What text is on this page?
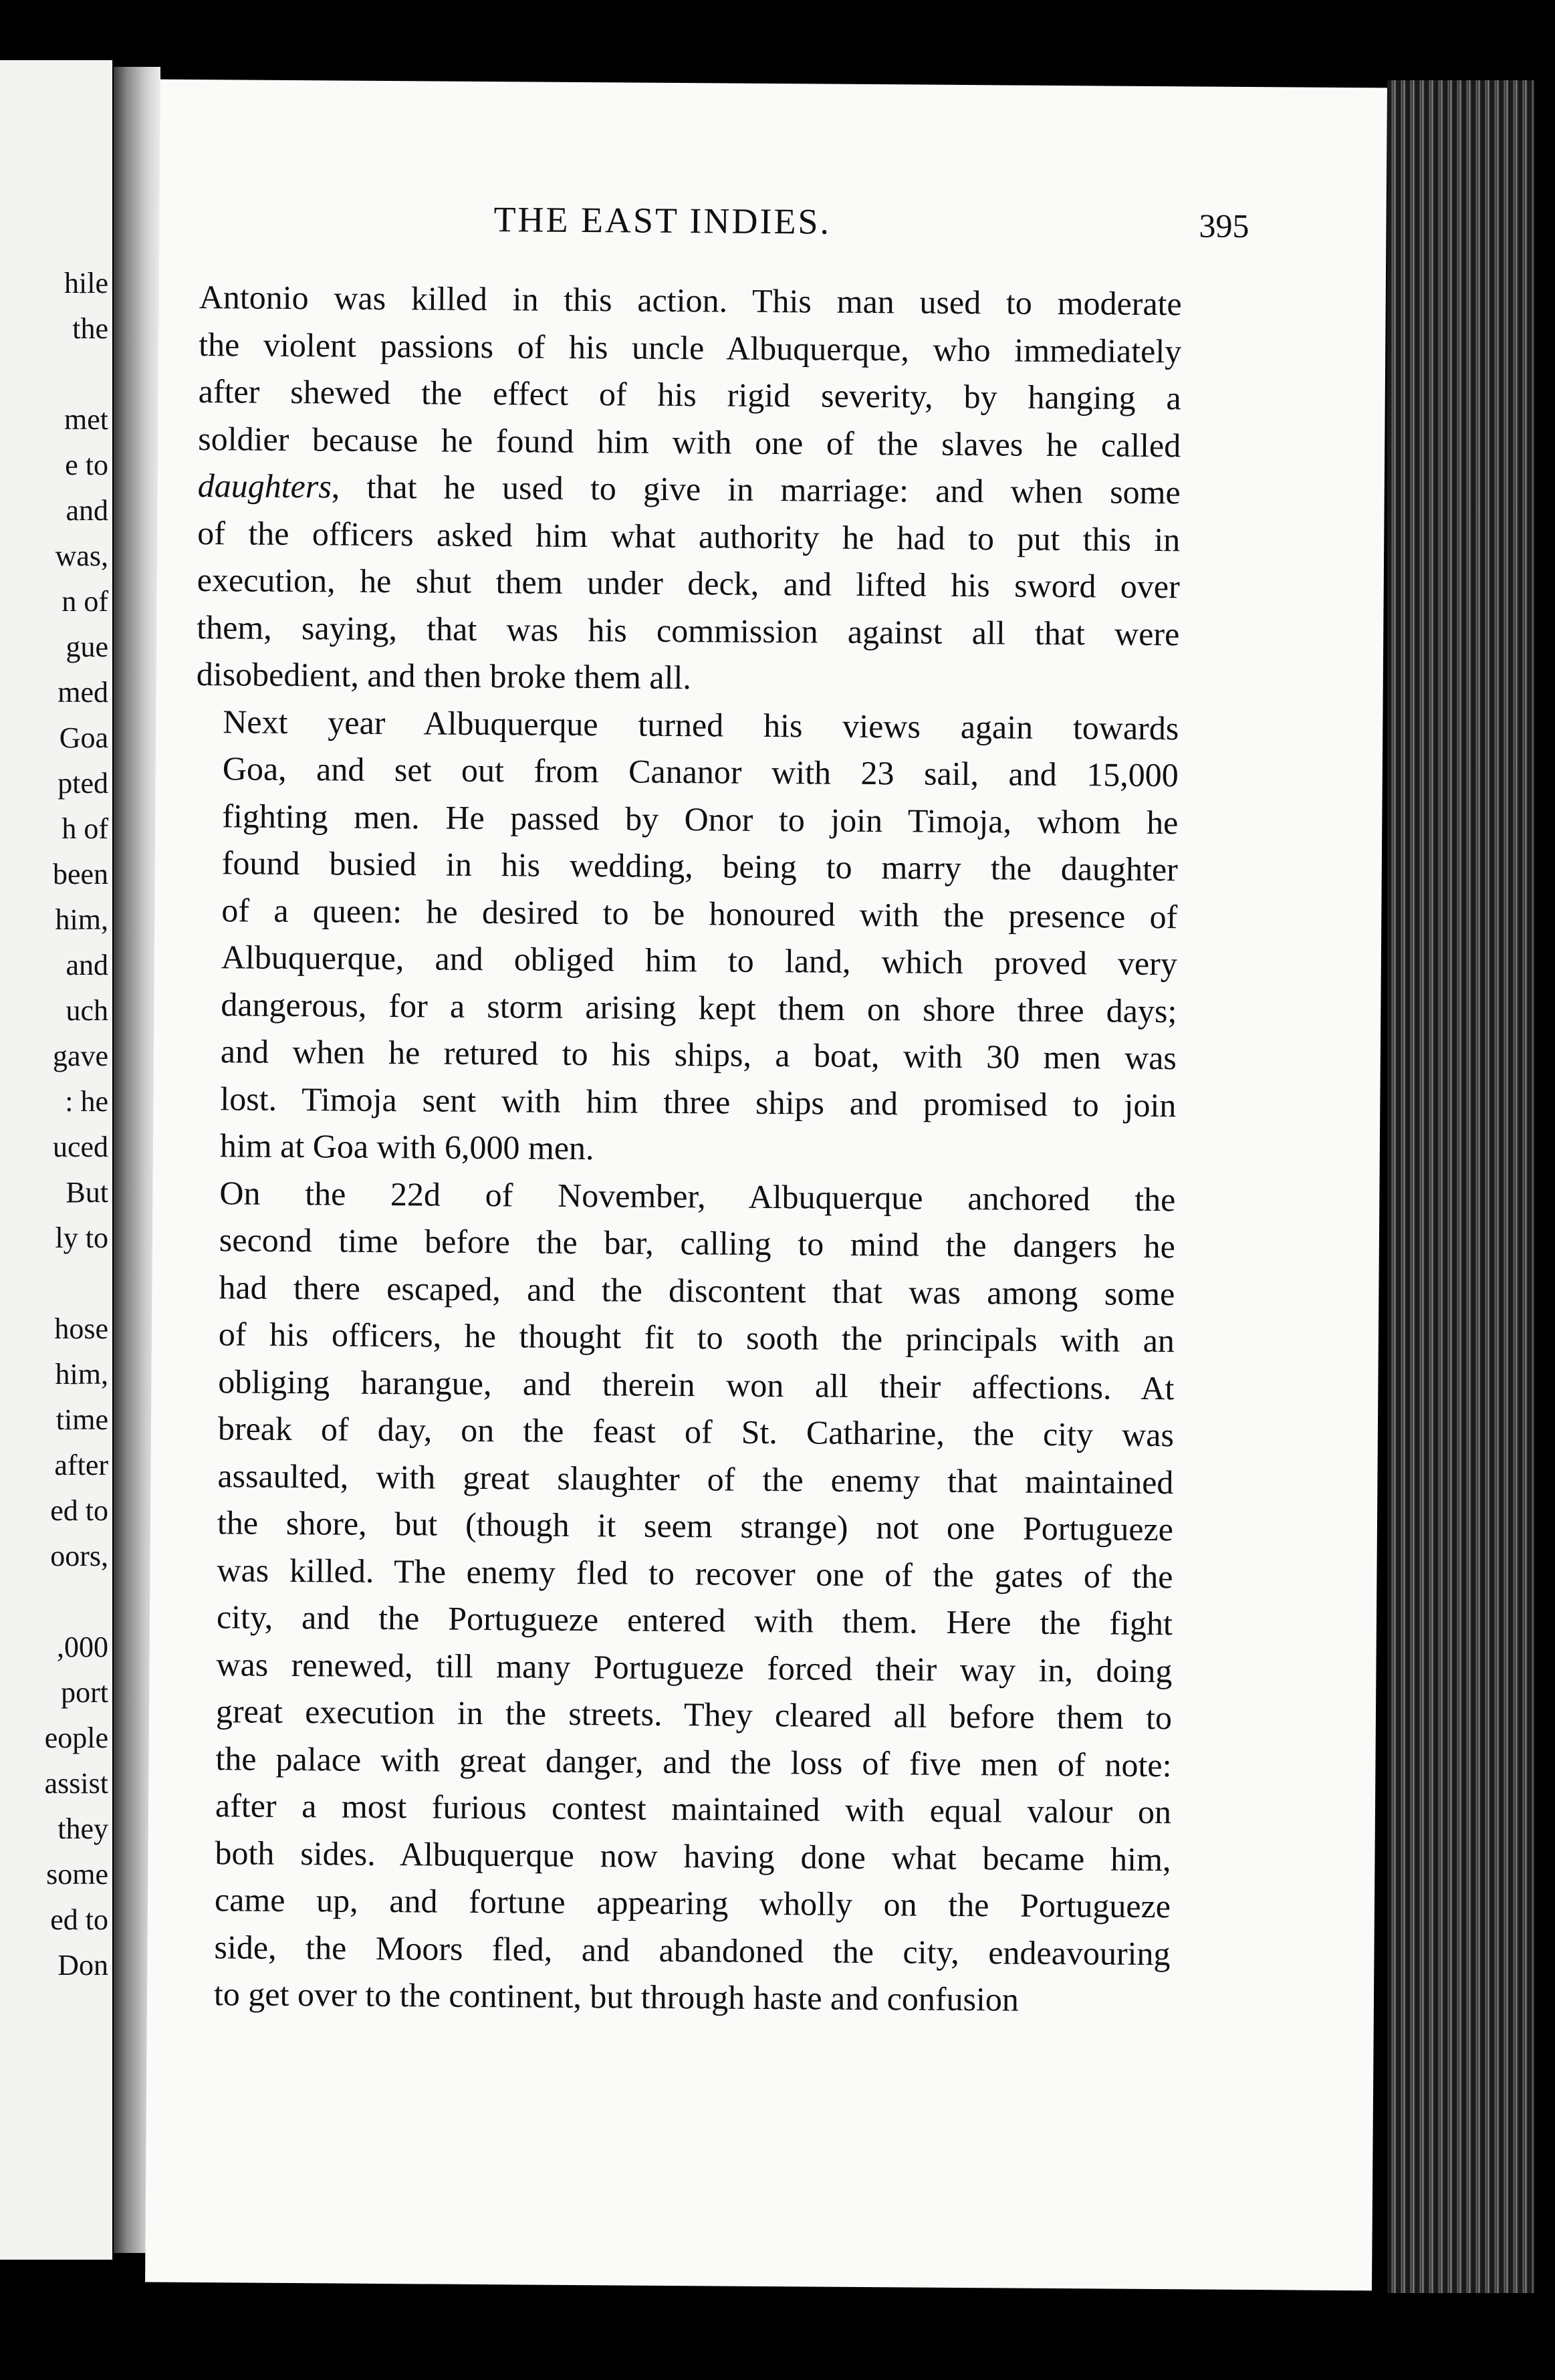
hile
the

met
e to
and
was,
n of
gue
med
Goa
pted
h of
been
him,
and
uch
gave
: he
uced
But
ly to

hose
him,
time
after
ed to
oors,

,000
port
eople
assist
they
some
ed to
Don
THE EAST INDIES.	395

Antonio was killed in this action. This man used to moderate
the violent passions of his uncle Albuquerque, who immediately
after shewed the effect of his rigid severity, by hanging a
soldier because he found him with one of the slaves he called
daughters, that he used to give in marriage: and when some
of the officers asked him what authority he had to put this in
execution, he shut them under deck, and lifted his sword over
them, saying, that was his commission against all that were
disobedient, and then broke them all.

Next year Albuquerque turned his views again towards
Goa, and set out from Cananor with 23 sail, and 15,000
fighting men. He passed by Onor to join Timoja, whom he
found busied in his wedding, being to marry the daughter
of a queen: he desired to be honoured with the presence of
Albuquerque, and obliged him to land, which proved very
dangerous, for a storm arising kept them on shore three days;
and when he retured to his ships, a boat, with 30 men was
lost. Timoja sent with him three ships and promised to join
him at Goa with 6,000 men.

On the 22d of November, Albuquerque anchored the
second time before the bar, calling to mind the dangers he
had there escaped, and the discontent that was among some
of his officers, he thought fit to sooth the principals with an
obliging harangue, and therein won all their affections. At
break of day, on the feast of St. Catharine, the city was
assaulted, with great slaughter of the enemy that maintained
the shore, but (though it seem strange) not one Portugueze
was killed. The enemy fled to recover one of the gates of the
city, and the Portugueze entered with them. Here the fight
was renewed, till many Portugueze forced their way in, doing
great execution in the streets. They cleared all before them to
the palace with great danger, and the loss of five men of note:
after a most furious contest maintained with equal valour on
both sides. Albuquerque now having done what became him,
came up, and fortune appearing wholly on the Portugueze
side, the Moors fled, and abandoned the city, endeavouring
to get over to the continent, but through haste and confusion
